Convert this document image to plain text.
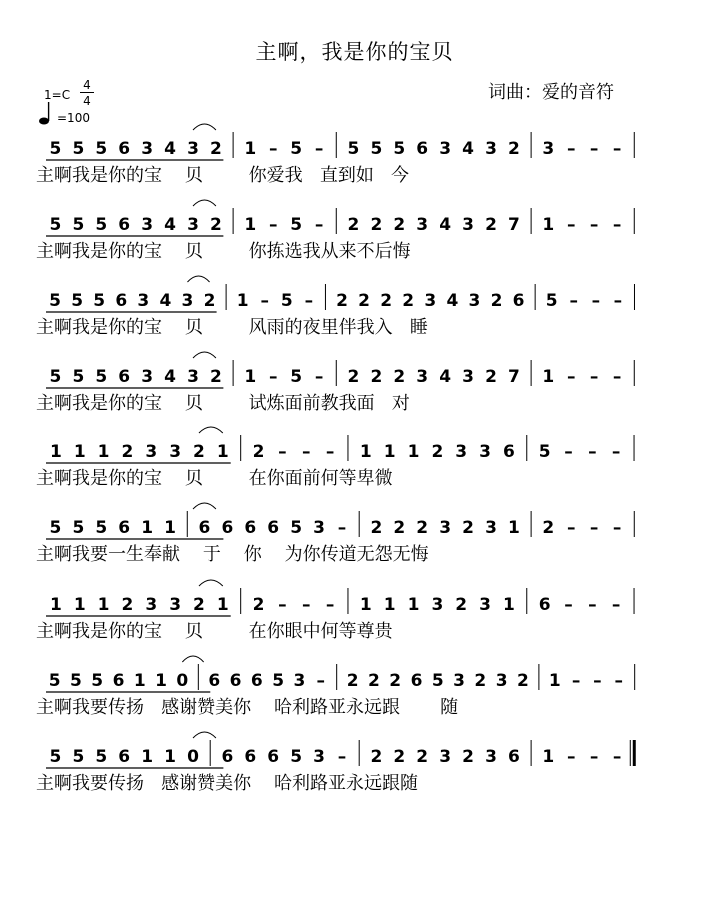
主啊，我是你的宝贝
词曲：爱的音符
1=C
4
4
=100
5 5 5 6 3 4 3 2 1 – 5 – 5 5 5 6 3 4 3 2 3 – – –
5 5 5 6 3 4 3 2 1 – 5 – 2 2 2 3 4 3 2 7 1 – – –
5 5 5 6 3 4 3 2 1 – 5 – 2 2 2 2 3 4 3 2 6 5 – – –
5 5 5 6 3 4 3 2 1 – 5 – 2 2 2 3 4 3 2 7 1 – – –
1 1 1 2 3 3 2 1 2 – – – 1 1 1 2 3 3 6 5 – – –
5 5 5 6 1 1 6 6 6 6 5 3 – 2 2 2 3 2 3 1 2 – – –
1 1 1 2 3 3 2 1 2 – – – 1 1 1 3 2 3 1 6 – – –
5 5 5 6 1 1 0 6 6 6 5 3 – 2 2 2 6 5 3 2 3 2 1 – – –
5 5 5 6 1 1 0 6 6 6 5 3 – 2 2 2 3 2 3 6 1 – – –
主啊我是你的宝    贝        你爱我   直到如   今
主啊我是你的宝    贝        你拣选我从来不后悔
主啊我是你的宝    贝        风雨的夜里伴我入   睡
主啊我是你的宝    贝        试炼面前教我面   对
主啊我是你的宝    贝        在你面前何等卑微
主啊我要一生奉献    于    你    为你传道无怨无悔
主啊我是你的宝    贝        在你眼中何等尊贵
主啊我要传扬   感谢赞美你    哈利路亚永远跟       随
主啊我要传扬   感谢赞美你    哈利路亚永远跟随
